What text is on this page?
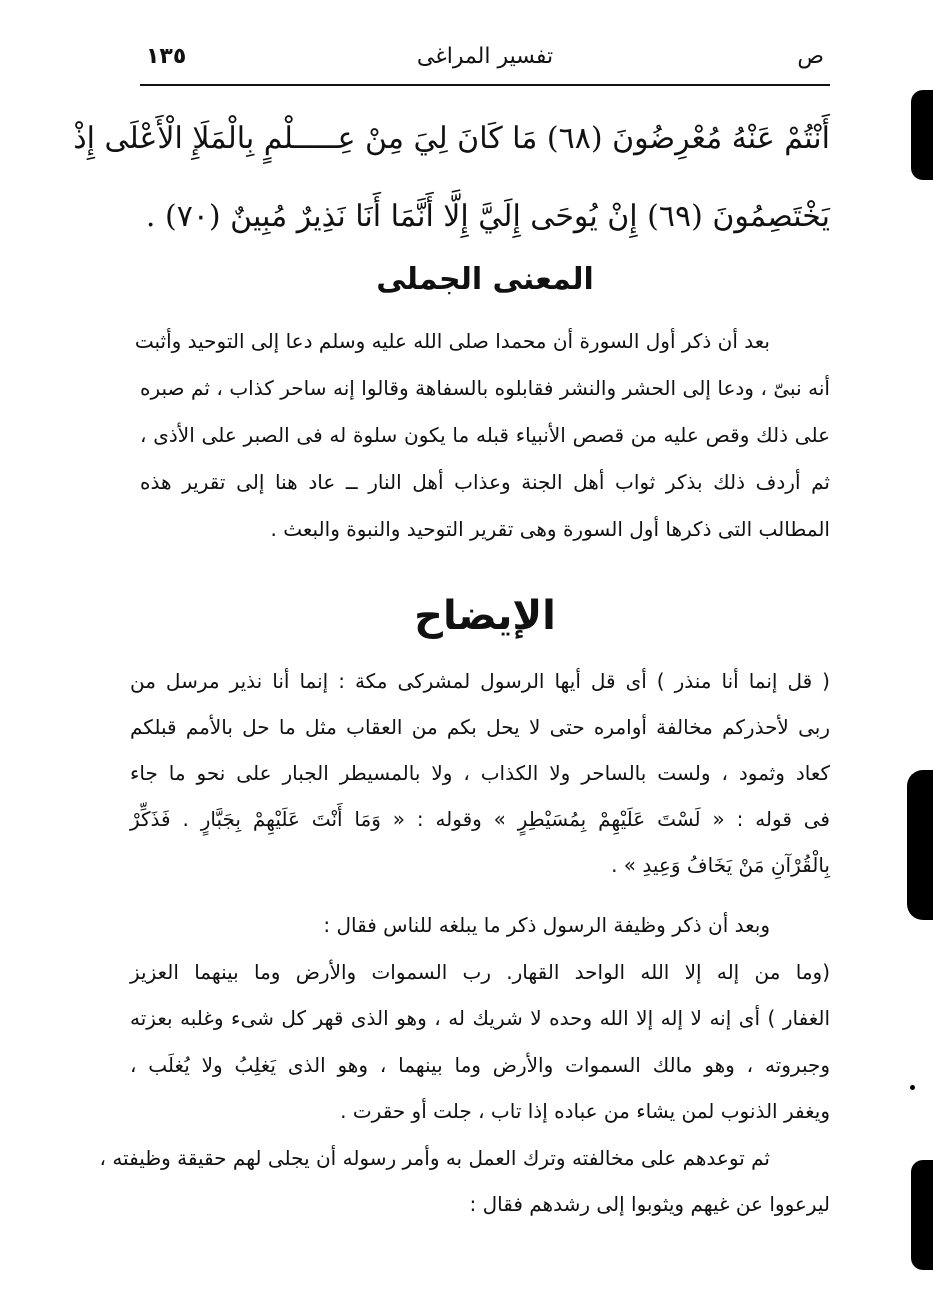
١٣٥	تفسير المراغى	ص
أَنْتُمْ عَنْهُ مُعْرِضُونَ (٦٨) مَا كَانَ لِيَ مِنْ عِـــــلْمٍ بِالْمَلَإِ الْأَعْلَى إِذْ
يَخْتَصِمُونَ (٦٩) إِنْ يُوحَى إِلَيَّ إِلَّا أَنَّمَا أَنَا نَذِيرٌ مُبِينٌ (٧٠) .
المعنى الجملى
بعد أن ذكر أول السورة أن محمدا صلى الله عليه وسلم دعا إلى التوحيد وأثبت
أنه نبىّ ، ودعا إلى الحشر والنشر فقابلوه بالسفاهة وقالوا إنه ساحر كذاب ، ثم صبره
على ذلك وقص عليه من قصص الأنبياء قبله ما يكون سلوة له فى الصبر على الأذى ،
ثم أردف ذلك بذكر ثواب أهل الجنة وعذاب أهل النار ــ عاد هنا إلى تقرير هذه
المطالب التى ذكرها أول السورة وهى تقرير التوحيد والنبوة والبعث .
الإيضاح
( قل إنما أنا منذر ) أى قل أيها الرسول لمشركى مكة : إنما أنا نذير مرسل من
ربى لأحذركم مخالفة أوامره حتى لا يحل بكم من العقاب مثل ما حل بالأمم قبلكم
كعاد وثمود ، ولست بالساحر ولا الكذاب ، ولا بالمسيطر الجبار على نحو ما جاء
فى قوله : « لَسْتَ عَلَيْهِمْ بِمُسَيْطِرٍ » وقوله : « وَمَا أَنْتَ عَلَيْهِمْ بِجَبَّارٍ . فَذَكِّرْ
بِالْقُرْآنِ مَنْ يَخَافُ وَعِيدِ » .
وبعد أن ذكر وظيفة الرسول ذكر ما يبلغه للناس فقال :
(وما من إله إلا الله الواحد القهار. رب السموات والأرض وما بينهما العزيز
الغفار ) أى إنه لا إله إلا الله وحده لا شريك له ، وهو الذى قهر كل شىء وغلبه بعزته
وجبروته ، وهو مالك السموات والأرض وما بينهما ، وهو الذى يَغلِبُ ولا يُغلَب ،
ويغفر الذنوب لمن يشاء من عباده إذا تاب ، جلت أو حقرت .
ثم توعدهم على مخالفته وترك العمل به وأمر رسوله أن يجلى لهم حقيقة وظيفته ،
ليرعووا عن غيهم ويثوبوا إلى رشدهم فقال :
